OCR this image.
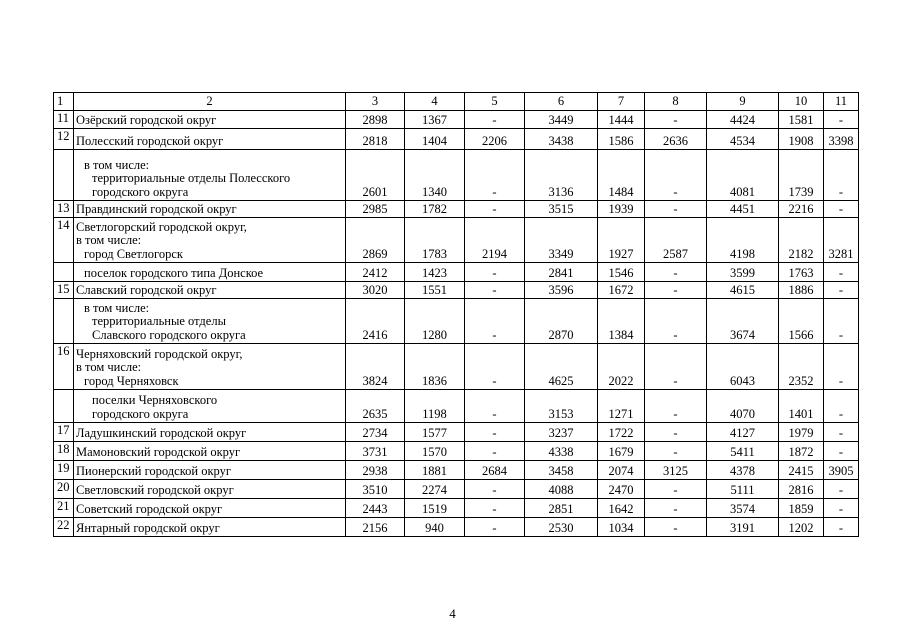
1	2	3	4	5	6	7	8	9	10	11
11	Озёрский городской округ	2898	1367	-	3449	1444	-	4424	1581	-
12	Полесский городской округ	2818	1404	2206	3438	1586	2636	4534	1908	3398

	в том числе:
территориальные отделы Полесского
городского округа	2601	1340	-	3136	1484	-	4081	1739	-
13	Правдинский городской округ	2985	1782	-	3515	1939	-	4451	2216	-
14	Светлогорский городской округ,
в том числе:
город Светлогорск	2869	1783	2194	3349	1927	2587	4198	2182	3281

	поселок городского типа Донское	2412	1423	-	2841	1546	-	3599	1763	-
15	Славский городской округ	3020	1551	-	3596	1672	-	4615	1886	-

	в том числе:
территориальные отделы
Славского городского округа	2416	1280	-	2870	1384	-	3674	1566	-
16	Черняховский городской округ,
в том числе:
город Черняховск	3824	1836	-	4625	2022	-	6043	2352	-

	поселки Черняховского
городского округа	2635	1198	-	3153	1271	-	4070	1401	-
17	Ладушкинский городской округ	2734	1577	-	3237	1722	-	4127	1979	-
18	Мамоновский городской округ	3731	1570	-	4338	1679	-	5411	1872	-
19	Пионерский городской округ	2938	1881	2684	3458	2074	3125	4378	2415	3905
20	Светловский городской округ	3510	2274	-	4088	2470	-	5111	2816	-
21	Советский городской округ	2443	1519	-	2851	1642	-	3574	1859	-
22	Янтарный городской округ	2156	940	-	2530	1034	-	3191	1202	-
4
